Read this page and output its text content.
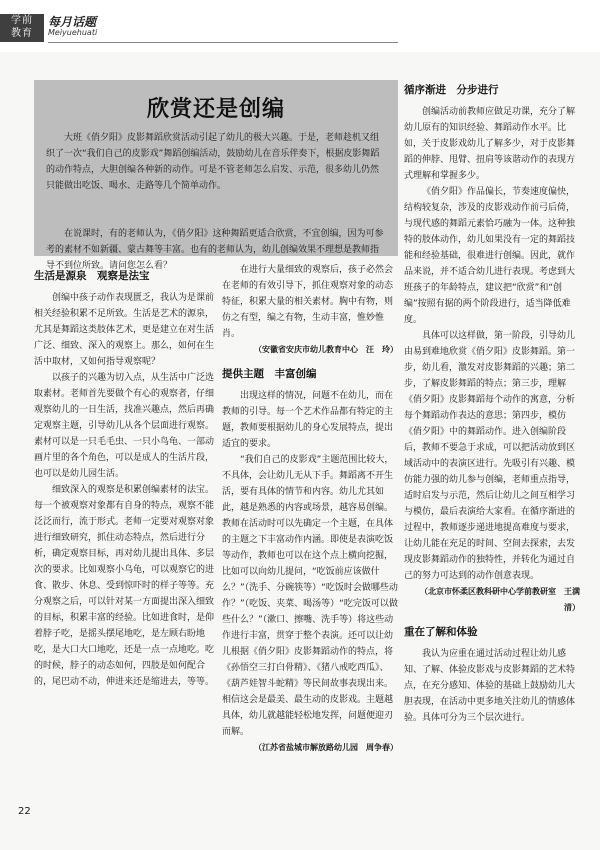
学前
教育
每月话题
Meiyuehuati
欣赏还是创编

大班《俏夕阳》皮影舞蹈欣赏活动引起了幼儿的极大兴趣。于是，老师趁机又组织了一次“我们自己的皮影戏”舞蹈创编活动，鼓励幼儿在音乐伴奏下，根据皮影舞蹈的动作特点，大胆创编各种新的动作。可是不管老师怎么启发、示范，很多幼儿仍然只能做出吃饭、喝水、走路等几个简单动作。

在说课时，有的老师认为，《俏夕阳》这种舞蹈更适合欣赏，不宜创编，因为可参考的素材不如新疆、蒙古舞等丰富。也有的老师认为，幼儿创编效果不理想是教师指导不到位所致。请问您怎么看？

生活是源泉　观察是法宝

创编中孩子动作表现匮乏，我认为是课前相关经验积累不足所致。生活是艺术的源泉，尤其是舞蹈这类肢体艺术，更是建立在对生活广泛、细致、深入的观察上。那么，如何在生活中取材，又如何指导观察呢？

以孩子的兴趣为切入点，从生活中广泛选取素材。老师首先要做个有心的观察者，仔细观察幼儿的一日生活，找准兴趣点，然后再确定观察主题，引导幼儿从各个层面进行观察。素材可以是一只毛毛虫、一只小鸟龟、一部动画片里的各个角色，可以是成人的生活片段，也可以是幼儿园生活。

细致深入的观察是积累创编素材的法宝。每一个被观察对象都有自身的特点，观察不能泛泛而行，流于形式。老师一定要对观察对象进行细致研究，抓住动态特点，然后进行分析，确定观察目标，再对幼儿提出具体、多层次的要求。比如观察小乌龟，可以观察它的进食、散步、休息、受到惊吓时的样子等等。充分观察之后，可以针对某一方面提出深入细致的目标，积累丰富的经验。比如进食时，是仰着脖子吃，是摇头摆尾地吃，是左顾右盼地吃，是大口大口地吃，还是一点一点地吃。吃的时候，脖子的动态如何，四肢是如何配合的，尾巴动不动，伸进来还是缩进去，等等。

在进行大量细致的观察后，孩子必然会在老师的有效引导下，抓住观察对象的动态特征，积累大量的相关素材。胸中有物，则仿之有型，编之有物，生动丰富，惟妙惟肖。

（安徽省安庆市幼儿教育中心　汪　玲）

提供主题　丰富创编

出现这样的情况，问题不在幼儿，而在教师的引导。每一个艺术作品都有特定的主题，教师要根据幼儿的身心发展特点，提出适宜的要求。

“我们自己的皮影戏”主题范围比较大，不具体，会让幼儿无从下手。舞蹈离不开生活，要有具体的情节和内容。幼儿尤其如此，越是熟悉的内容或场景，越容易创编。教师在活动时可以先确定一个主题，在具体的主题之下丰富动作内涵。即使是表演吃饭等动作，教师也可以在这个点上横向挖掘，比如可以向幼儿提问，“吃饭前应该做什么？”（洗手、分碗筷等）“吃饭时会做哪些动作？”（吃饭、夹菜、喝汤等）“吃完饭可以做些什么？”（漱口、擦嘴、洗手等）将这些动作进行丰富，贯穿于整个表演。还可以让幼儿根据《俏夕阳》皮影舞蹈动作的特点，将《孙悟空三打白骨精》、《猪八戒吃西瓜》、《葫芦娃智斗蛇精》等民间故事表现出来。相信这会是最美、最生动的皮影戏。主题越具体，幼儿就越能轻松地发挥，问题便迎刃而解。

（江苏省盐城市解放路幼儿园　周争春）

循序渐进　分步进行

创编活动前教师应做足功课，充分了解幼儿原有的知识经验、舞蹈动作水平。比如，关于皮影戏幼儿了解多少，对于皮影舞蹈的伸脖、甩臂、扭肩等该谐动作的表现方式理解和掌握多少。

《俏夕阳》作品偏长，节奏速度偏快，结构较复杂，涉及的皮影戏动作前弓后倚，与现代感的舞蹈元素恰巧融为一体。这种独特的肢体动作，幼儿如果没有一定的舞蹈技能和经验基础，很难进行创编。因此，就作品来说，并不适合幼儿进行表现。考虑到大班孩子的年龄特点，建议把“欣赏”和“创编”按照有据的两个阶段进行，适当降低难度。

具体可以这样做，第一阶段，引导幼儿由易到难地欣赏《俏夕阳》皮影舞蹈。第一步，幼儿看，激发对皮影舞蹈的兴趣；第二步，了解皮影舞蹈的特点；第三步，理解《俏夕阳》皮影舞蹈每个动作的寓意，分析每个舞蹈动作表达的意思；第四步，模仿《俏夕阳》中的舞蹈动作。进入创编阶段后，教师不要急于求成，可以把活动放到区域活动中的表演区进行。先吸引有兴趣、模仿能力强的幼儿参与创编，老师重点指导，适时启发与示范，然后让幼儿之间互相学习与模仿，最后表演给大家看。在循序渐进的过程中，教师逐步递进地提高难度与要求，让幼儿能在充足的时间、空间去探索，去发现皮影舞蹈动作的独特性，并转化为通过自己的努力可达到的动作创意表现。

（北京市怀柔区教科研中心学前教研室　王满清）

重在了解和体验

我认为应重在通过活动过程让幼儿感知、了解、体验皮影戏与皮影舞蹈的艺术特点，在充分感知、体验的基础上鼓励幼儿大胆表现，在活动中更多地关注幼儿的情感体验。具体可分为三个层次进行。

22
